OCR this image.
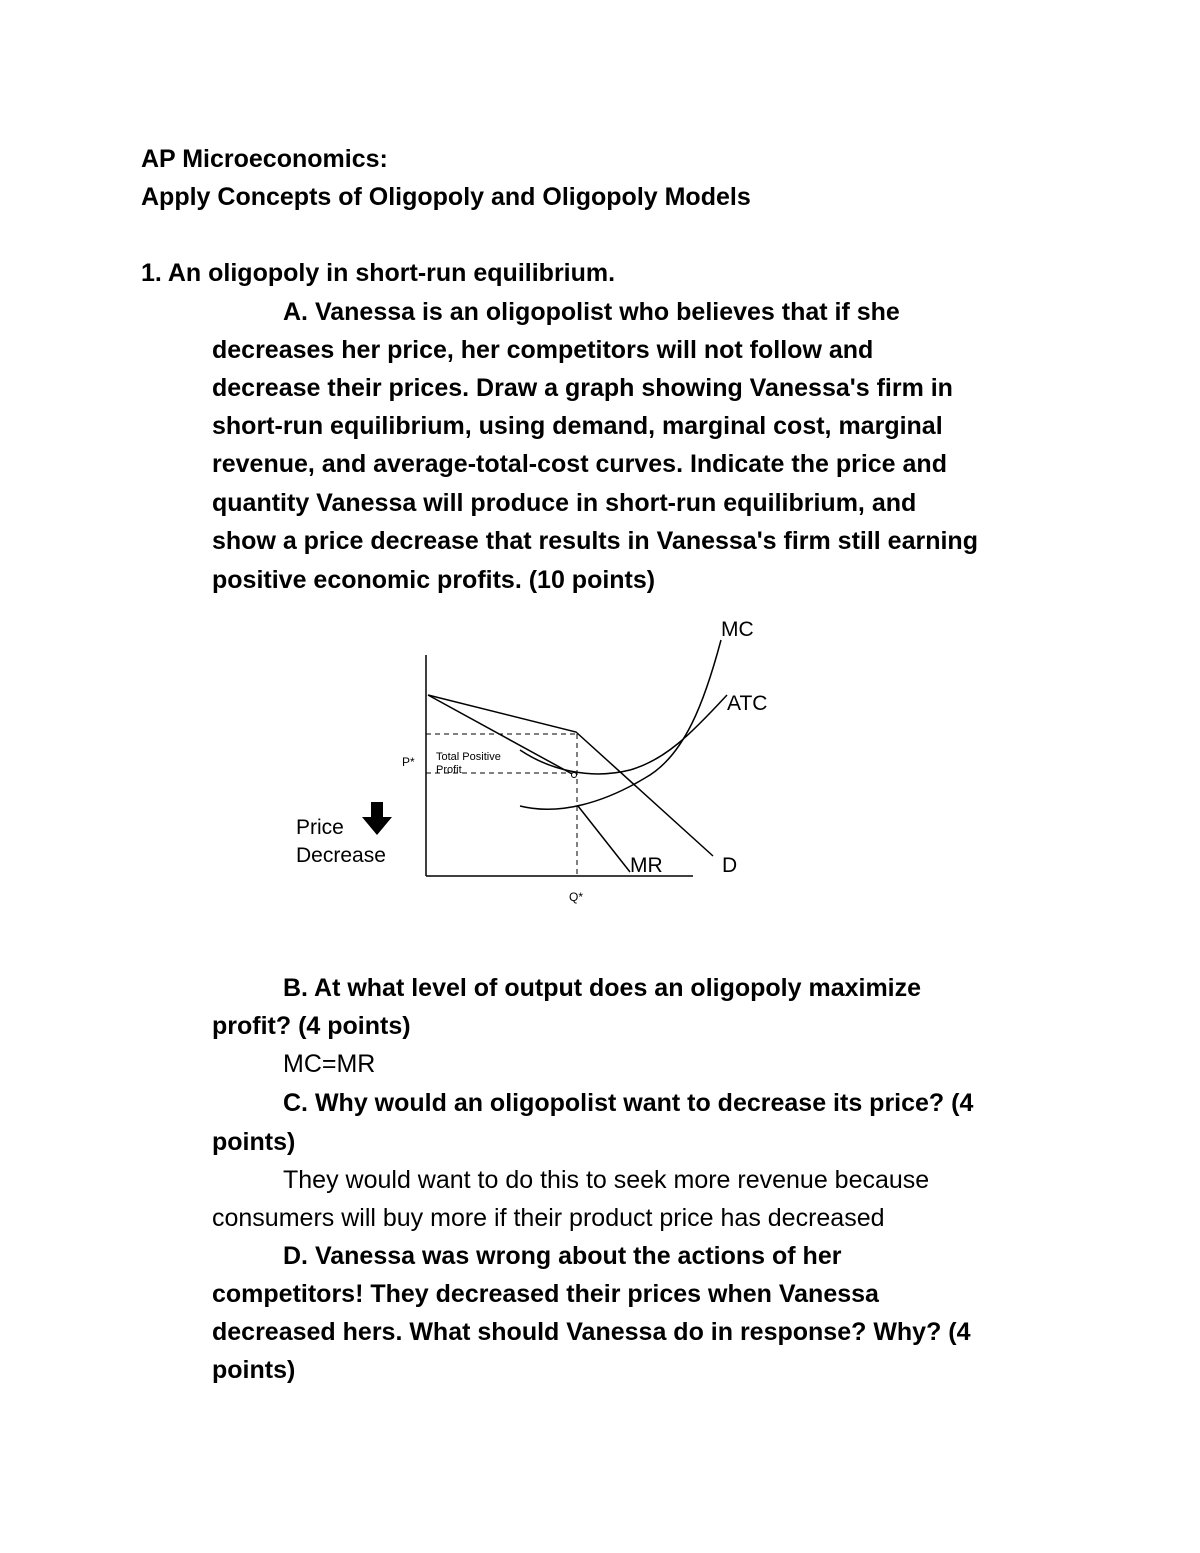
AP Microeconomics:
Apply Concepts of Oligopoly and Oligopoly Models
1. An oligopoly in short-run equilibrium.
A. Vanessa is an oligopolist who believes that if she
decreases her price, her competitors will not follow and
decrease their prices. Draw a graph showing Vanessa's firm in
short-run equilibrium, using demand, marginal cost, marginal
revenue, and average-total-cost curves. Indicate the price and
quantity Vanessa will produce in short-run equilibrium, and
show a price decrease that results in Vanessa's firm still earning
positive economic profits. (10 points)
MC
ATC
MR	D
P*
Q*
Total Positive
Profit
Price
Decrease
B. At what level of output does an oligopoly maximize
profit? (4 points)
MC=MR
C. Why would an oligopolist want to decrease its price? (4
points)
They would want to do this to seek more revenue because
consumers will buy more if their product price has decreased
D. Vanessa was wrong about the actions of her
competitors! They decreased their prices when Vanessa
decreased hers. What should Vanessa do in response? Why? (4
points)
